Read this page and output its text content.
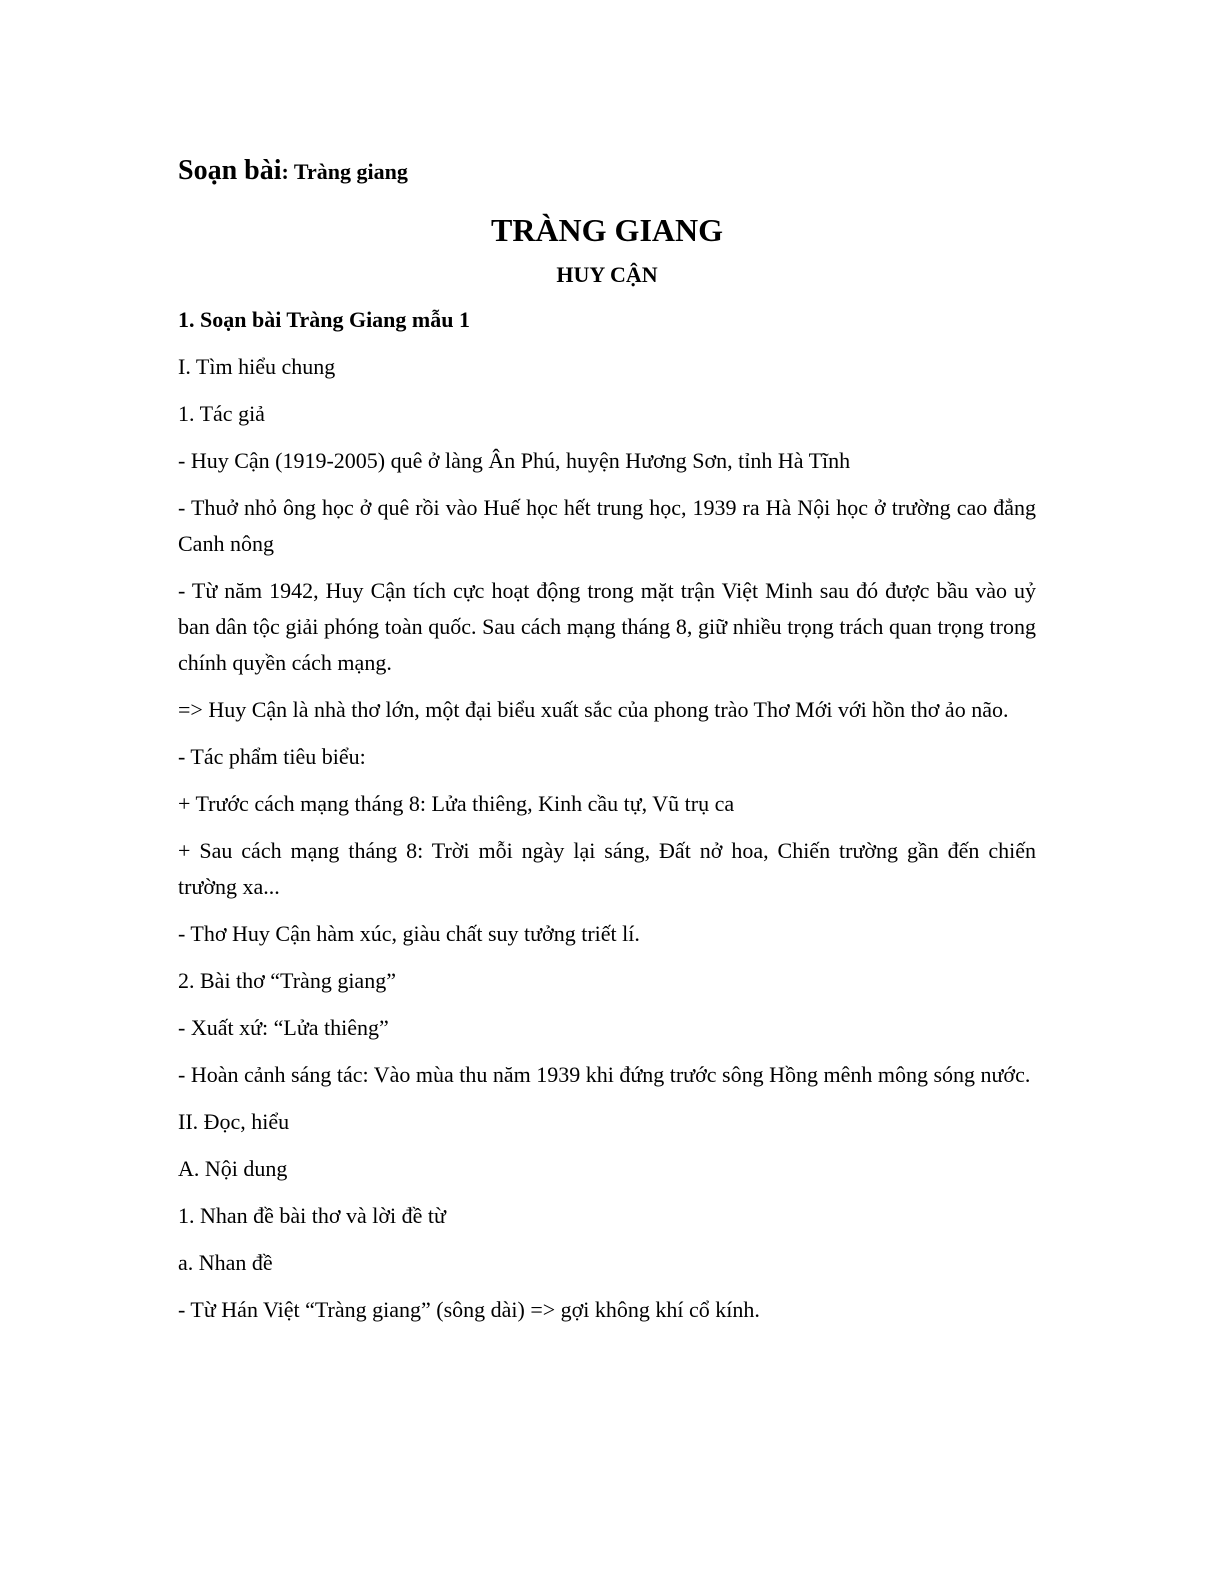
Soạn bài: Tràng giang
TRÀNG GIANG
HUY CẬN

1. Soạn bài Tràng Giang mẫu 1

I. Tìm hiểu chung

1. Tác giả

- Huy Cận (1919-2005) quê ở làng Ân Phú, huyện Hương Sơn, tỉnh Hà Tĩnh

- Thuở nhỏ ông học ở quê rồi vào Huế học hết trung học, 1939 ra Hà Nội học ở trường cao đẳng Canh nông

- Từ năm 1942, Huy Cận tích cực hoạt động trong mặt trận Việt Minh sau đó được bầu vào uỷ ban dân tộc giải phóng toàn quốc. Sau cách mạng tháng 8, giữ nhiều trọng trách quan trọng trong chính quyền cách mạng.

=> Huy Cận là nhà thơ lớn, một đại biểu xuất sắc của phong trào Thơ Mới với hồn thơ ảo não.

- Tác phẩm tiêu biểu:

+ Trước cách mạng tháng 8: Lửa thiêng, Kinh cầu tự, Vũ trụ ca

+ Sau cách mạng tháng 8: Trời mỗi ngày lại sáng, Đất nở hoa, Chiến trường gần đến chiến trường xa...

- Thơ Huy Cận hàm xúc, giàu chất suy tưởng triết lí.

2. Bài thơ “Tràng giang”

- Xuất xứ: “Lửa thiêng”

- Hoàn cảnh sáng tác: Vào mùa thu năm 1939 khi đứng trước sông Hồng mênh mông sóng nước.

II. Đọc, hiểu

A. Nội dung

1. Nhan đề bài thơ và lời đề từ

a. Nhan đề

- Từ Hán Việt “Tràng giang” (sông dài) => gợi không khí cổ kính.
